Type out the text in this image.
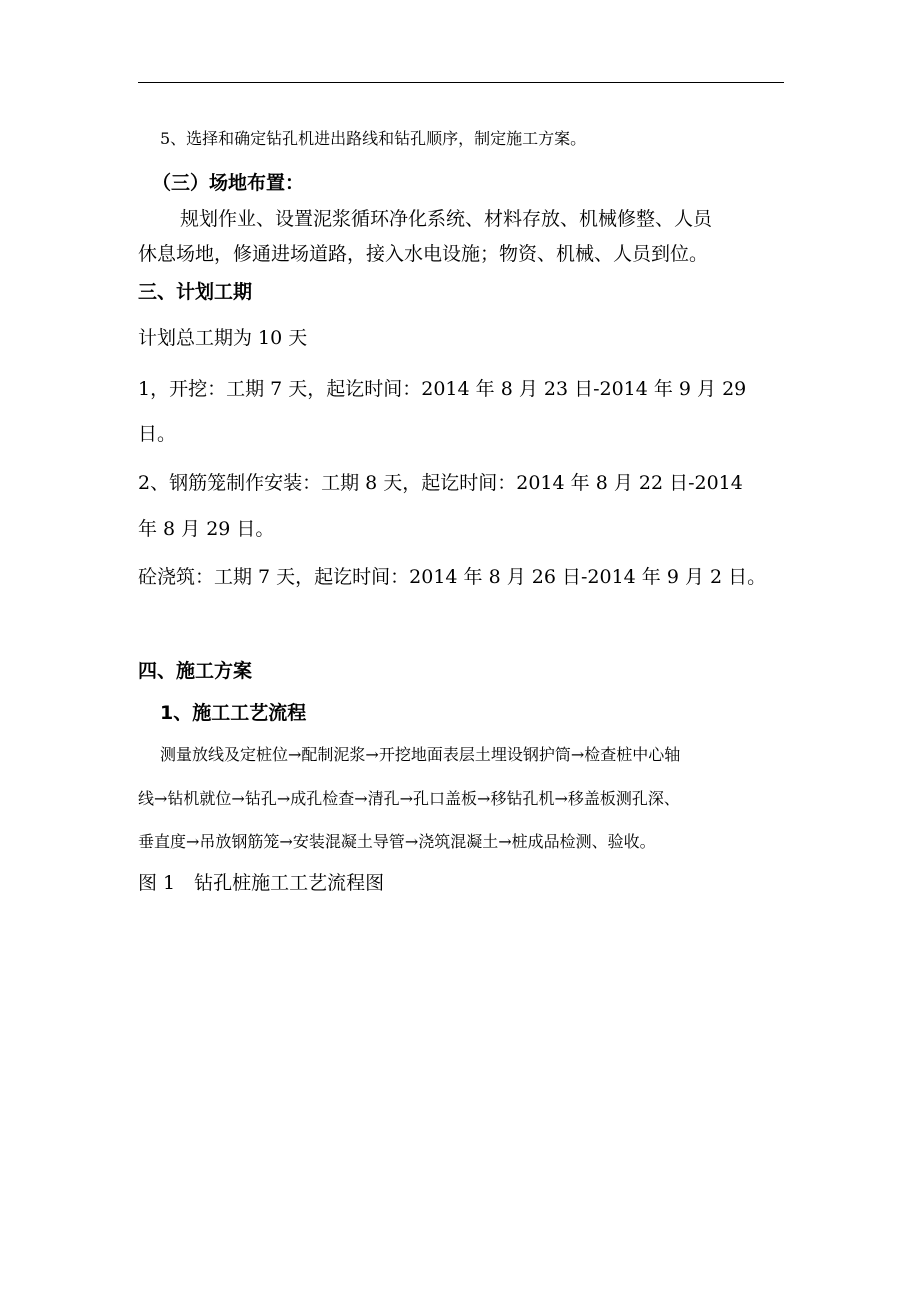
5、选择和确定钻孔机进出路线和钻孔顺序，制定施工方案。
（三）场地布置：
规划作业、设置泥浆循环净化系统、材料存放、机械修整、人员
休息场地，修通进场道路，接入水电设施；物资、机械、人员到位。
三、计划工期
计划总工期为 10 天
1，开挖：工期 7 天，起讫时间：2014 年 8 月 23 日-2014 年 9 月 29
日。
2、钢筋笼制作安装：工期 8 天，起讫时间：2014 年 8 月 22 日-2014
年 8 月 29 日。
砼浇筑：工期 7 天，起讫时间：2014 年 8 月 26 日-2014 年 9 月 2 日。
四、施工方案
1、施工工艺流程
测量放线及定桩位→配制泥浆→开挖地面表层土埋设钢护筒→检查桩中心轴
线→钻机就位→钻孔→成孔检查→清孔→孔口盖板→移钻孔机→移盖板测孔深、
垂直度→吊放钢筋笼→安装混凝土导管→浇筑混凝土→桩成品检测、验收。
图 1　钻孔桩施工工艺流程图
